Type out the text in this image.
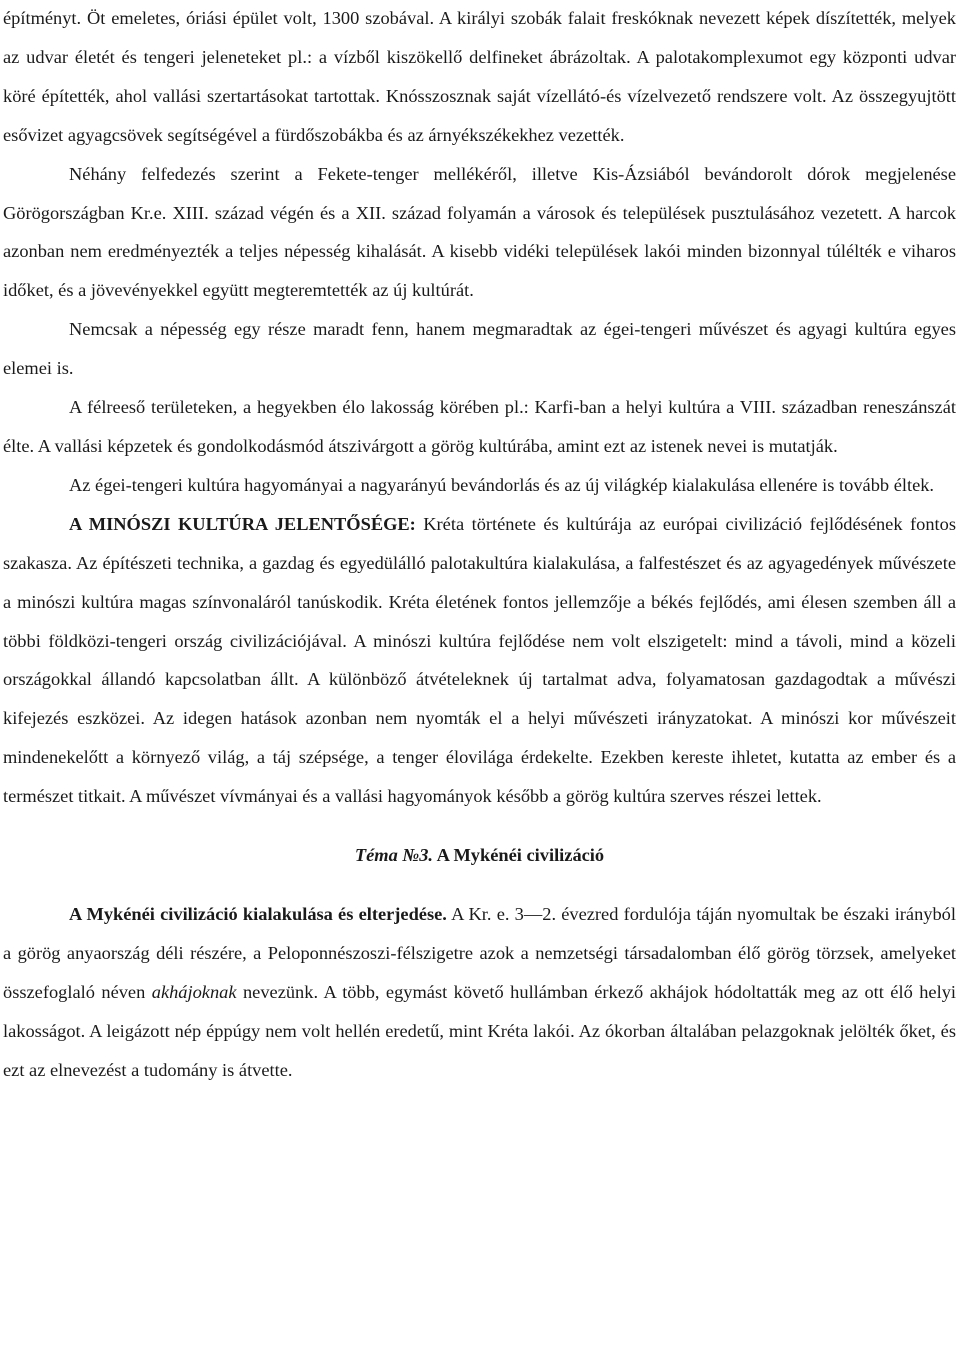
építményt. Öt emeletes, óriási épület volt, 1300 szobával. A királyi szobák falait freskóknak nevezett képek díszítették, melyek az udvar életét és tengeri jeleneteket pl.: a vízből kiszökellő delfineket ábrázoltak. A palotakomplexumot egy központi udvar köré építették, ahol vallási szertartásokat tartottak. Knósszosznak saját vízellátó-és vízelvezető rendszere volt. Az összegyujtött esővizet agyagcsövek segítségével a fürdőszobákba és az árnyékszékekhez vezették.

Néhány felfedezés szerint a Fekete-tenger mellékéről, illetve Kis-Ázsiából bevándorolt dórok megjelenése Görögországban Kr.e. XIII. század végén és a XII. század folyamán a városok és települések pusztulásához vezetett. A harcok azonban nem eredményezték a teljes népesség kihalását. A kisebb vidéki települések lakói minden bizonnyal túlélték e viharos időket, és a jövevényekkel együtt megteremtették az új kultúrát.

Nemcsak a népesség egy része maradt fenn, hanem megmaradtak az égei-tengeri művészet és agyagi kultúra egyes elemei is.

A félreeső területeken, a hegyekben élo lakosság körében pl.: Karfi-ban a helyi kultúra a VIII. században reneszánszát élte. A vallási képzetek és gondolkodásmód átszivárgott a görög kultúrába, amint ezt az istenek nevei is mutatják.

Az égei-tengeri kultúra hagyományai a nagyarányú bevándorlás és az új világkép kialakulása ellenére is tovább éltek.

A MINÓSZI KULTÚRA JELENTŐSÉGE: Kréta története és kultúrája az európai civilizáció fejlődésének fontos szakasza. Az építészeti technika, a gazdag és egyedülálló palotakultúra kialakulása, a falfestészet és az agyagedények művészete a minószi kultúra magas színvonaláról tanúskodik. Kréta életének fontos jellemzője a békés fejlődés, ami élesen szemben áll a többi földközi-tengeri ország civilizációjával. A minószi kultúra fejlődése nem volt elszigetelt: mind a távoli, mind a közeli országokkal állandó kapcsolatban állt. A különböző átvételeknek új tartalmat adva, folyamatosan gazdagodtak a művészi kifejezés eszközei. Az idegen hatások azonban nem nyomták el a helyi művészeti irányzatokat. A minószi kor művészeit mindenekelőtt a környező világ, a táj szépsége, a tenger élovilága érdekelte. Ezekben kereste ihletet, kutatta az ember és a természet titkait. A művészet vívmányai és a vallási hagyományok később a görög kultúra szerves részei lettek.

Téma №3. A Mykénéi civilizáció

A Mykénéi civilizáció kialakulása és elterjedése. A Kr. e. 3—2. évezred fordulója táján nyomultak be északi irányból a görög anyaország déli részére, a Peloponnészoszi-félszigetre azok a nemzetségi társadalomban élő görög törzsek, amelyeket összefoglaló néven akhájoknak nevezünk. A több, egymást követő hullámban érkező akhájok hódoltatták meg az ott élő helyi lakosságot. A leigázott nép éppúgy nem volt hellén eredetű, mint Kréta lakói. Az ókorban általában pelazgoknak jelölték őket, és ezt az elnevezést a tudomány is átvette.
